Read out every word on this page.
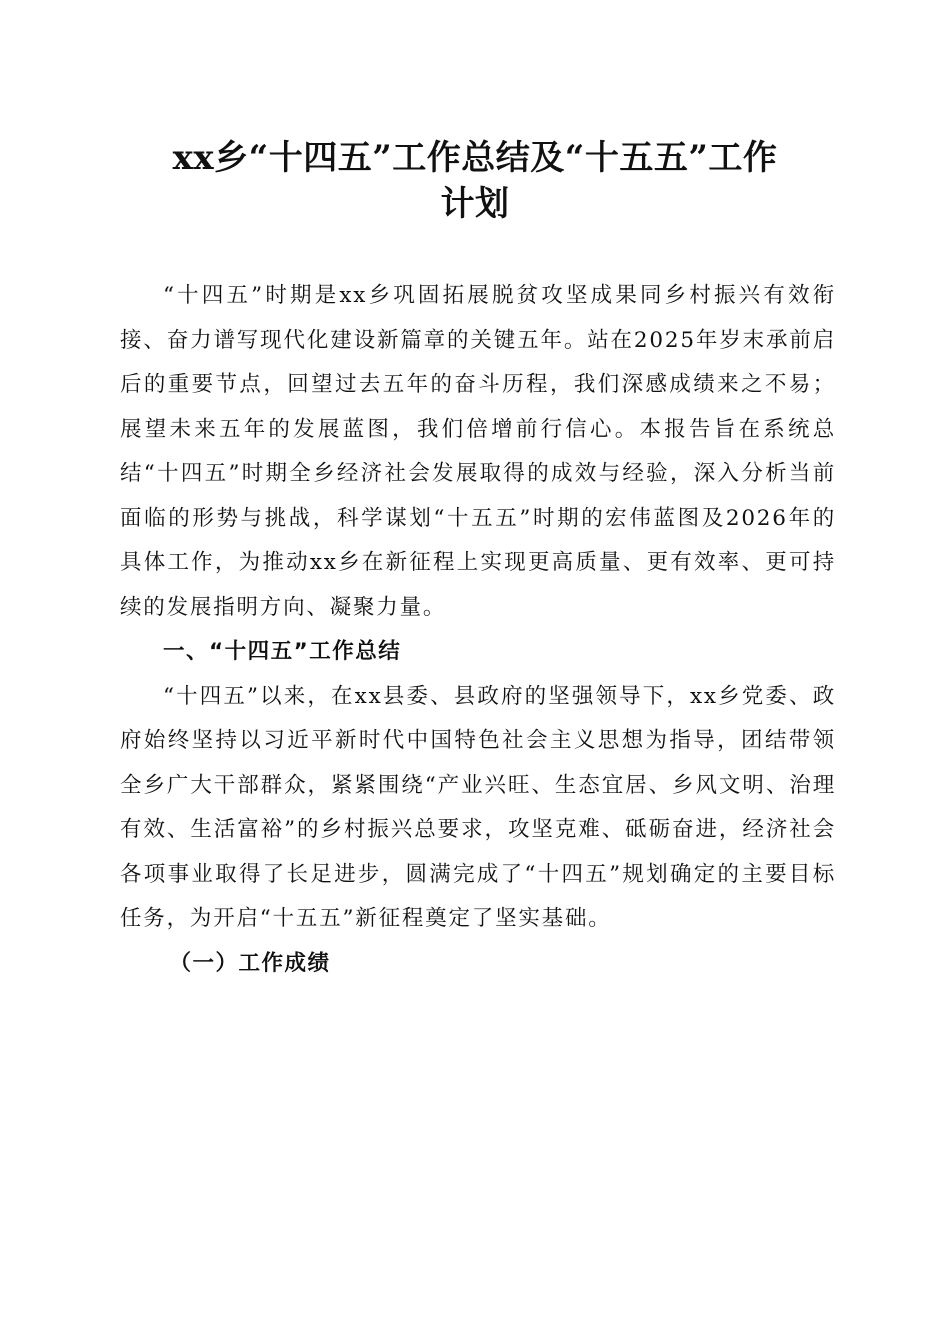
xx乡“十四五”工作总结及“十五五”工作
计划

“十四五”时期是xx乡巩固拓展脱贫攻坚成果同乡村振兴有效衔接、奋力谱写现代化建设新篇章的关键五年。站在2025年岁末承前启后的重要节点，回望过去五年的奋斗历程，我们深感成绩来之不易；展望未来五年的发展蓝图，我们倍增前行信心。本报告旨在系统总结“十四五”时期全乡经济社会发展取得的成效与经验，深入分析当前面临的形势与挑战，科学谋划“十五五”时期的宏伟蓝图及2026年的具体工作，为推动xx乡在新征程上实现更高质量、更有效率、更可持续的发展指明方向、凝聚力量。

一、“十四五”工作总结

“十四五”以来，在xx县委、县政府的坚强领导下，xx乡党委、政府始终坚持以习近平新时代中国特色社会主义思想为指导，团结带领全乡广大干部群众，紧紧围绕“产业兴旺、生态宜居、乡风文明、治理有效、生活富裕”的乡村振兴总要求，攻坚克难、砥砺奋进，经济社会各项事业取得了长足进步，圆满完成了“十四五”规划确定的主要目标任务，为开启“十五五”新征程奠定了坚实基础。

（一）工作成绩
